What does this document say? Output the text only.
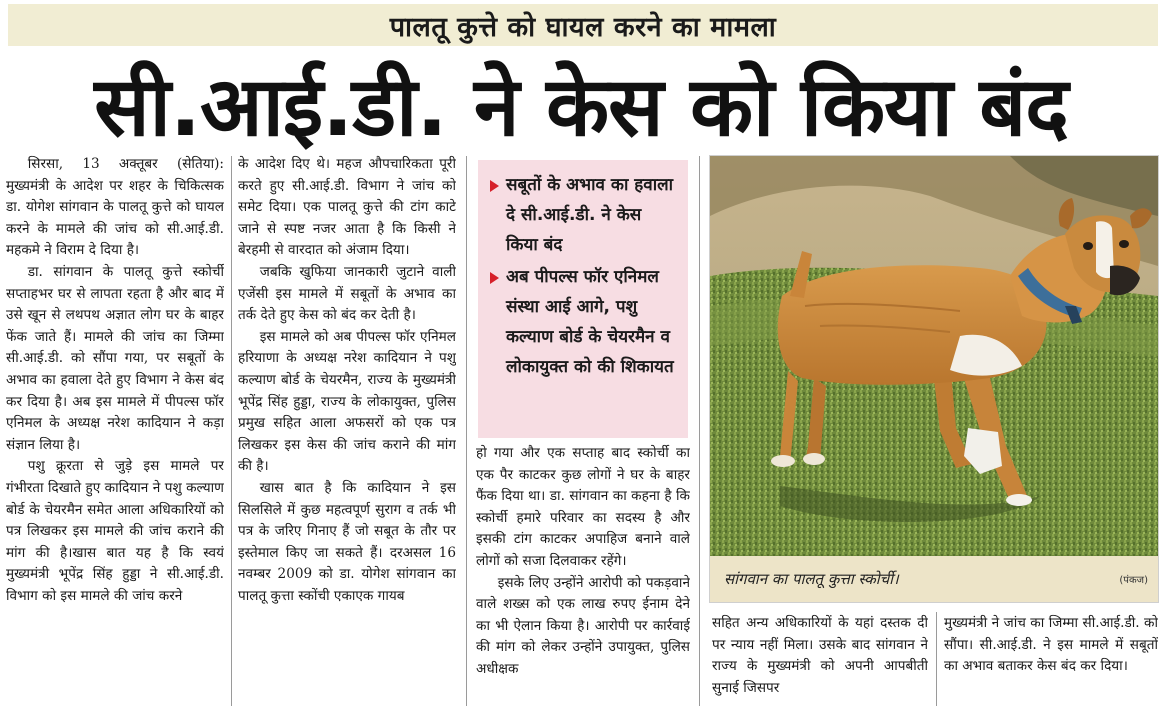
पालतू कुत्ते को घायल करने का मामला
सी.आई.डी. ने केस को किया बंद

सिरसा, 13 अक्तूबर (सेतिया): मुख्यमंत्री के आदेश पर शहर के चिकित्सक डा. योगेश सांगवान के पालतू कुत्ते को घायल करने के मामले की जांच को सी.आई.डी. महकमे ने विराम दे दिया है।

डा. सांगवान के पालतू कुत्ते स्कोर्ची सप्ताहभर घर से लापता रहता है और बाद में उसे खून से लथपथ अज्ञात लोग घर के बाहर फेंक जाते हैं। मामले की जांच का जिम्मा सी.आई.डी. को सौंपा गया, पर सबूतों के अभाव का हवाला देते हुए विभाग ने केस बंद कर दिया है। अब इस मामले में पीपल्स फॉर एनिमल के अध्यक्ष नरेश कादियान ने कड़ा संज्ञान लिया है।

पशु क्रूरता से जुड़े इस मामले पर गंभीरता दिखाते हुए कादियान ने पशु कल्याण बोर्ड के चेयरमैन समेत आला अधिकारियों को पत्र लिखकर इस मामले की जांच कराने की मांग की है।खास बात यह है कि स्वयं मुख्यमंत्री भूपेंद्र सिंह हुड्डा ने सी.आई.डी. विभाग को इस मामले की जांच करने

के आदेश दिए थे। महज औपचारिकता पूरी करते हुए सी.आई.डी. विभाग ने जांच को समेट दिया। एक पालतू कुत्ते की टांग काटे जाने से स्पष्ट नजर आता है कि किसी ने बेरहमी से वारदात को अंजाम दिया।

जबकि खुफिया जानकारी जुटाने वाली एजेंसी इस मामले में सबूतों के अभाव का तर्क देते हुए केस को बंद कर देती है।

इस मामले को अब पीपल्स फॉर एनिमल हरियाणा के अध्यक्ष नरेश कादियान ने पशु कल्याण बोर्ड के चेयरमैन, राज्य के मुख्यमंत्री भूपेंद्र सिंह हुड्डा, राज्य के लोकायुक्त, पुलिस प्रमुख सहित आला अफसरों को एक पत्र लिखकर इस केस की जांच कराने की मांग की है।

खास बात है कि कादियान ने इस सिलसिले में कुछ महत्वपूर्ण सुराग व तर्क भी पत्र के जरिए गिनाए हैं जो सबूत के तौर पर इस्तेमाल किए जा सकते हैं। दरअसल 16 नवम्बर 2009 को डा. योगेश सांगवान का पालतू कुत्ता स्कोंची एकाएक गायब

सबूतों के अभाव का हवाला दे सी.आई.डी. ने केस किया बंद
अब पीपल्स फॉर एनिमल संस्था आई आगे, पशु कल्याण बोर्ड के चेयरमैन व लोकायुक्त को की शिकायत

हो गया और एक सप्ताह बाद स्कोर्ची का एक पैर काटकर कुछ लोगों ने घर के बाहर फैंक दिया था। डा. सांगवान का कहना है कि स्कोर्ची हमारे परिवार का सदस्य है और इसकी टांग काटकर अपाहिज बनाने वाले लोगों को सजा दिलवाकर रहेंगे।

इसके लिए उन्होंने आरोपी को पकड़वाने वाले शख्स को एक लाख रुपए ईनाम देने का भी ऐलान किया है। आरोपी पर कार्रवाई की मांग को लेकर उन्होंने उपायुक्त, पुलिस अधीक्षक

सांगवान का पालतू कुत्ता स्कोर्ची।	(पंकज)

सहित अन्य अधिकारियों के यहां दस्तक दी पर न्याय नहीं मिला। उसके बाद सांगवान ने राज्य के मुख्यमंत्री को अपनी आपबीती सुनाई जिसपर

मुख्यमंत्री ने जांच का जिम्मा सी.आई.डी. को सौंपा। सी.आई.डी. ने इस मामले में सबूतों का अभाव बताकर केस बंद कर दिया।
